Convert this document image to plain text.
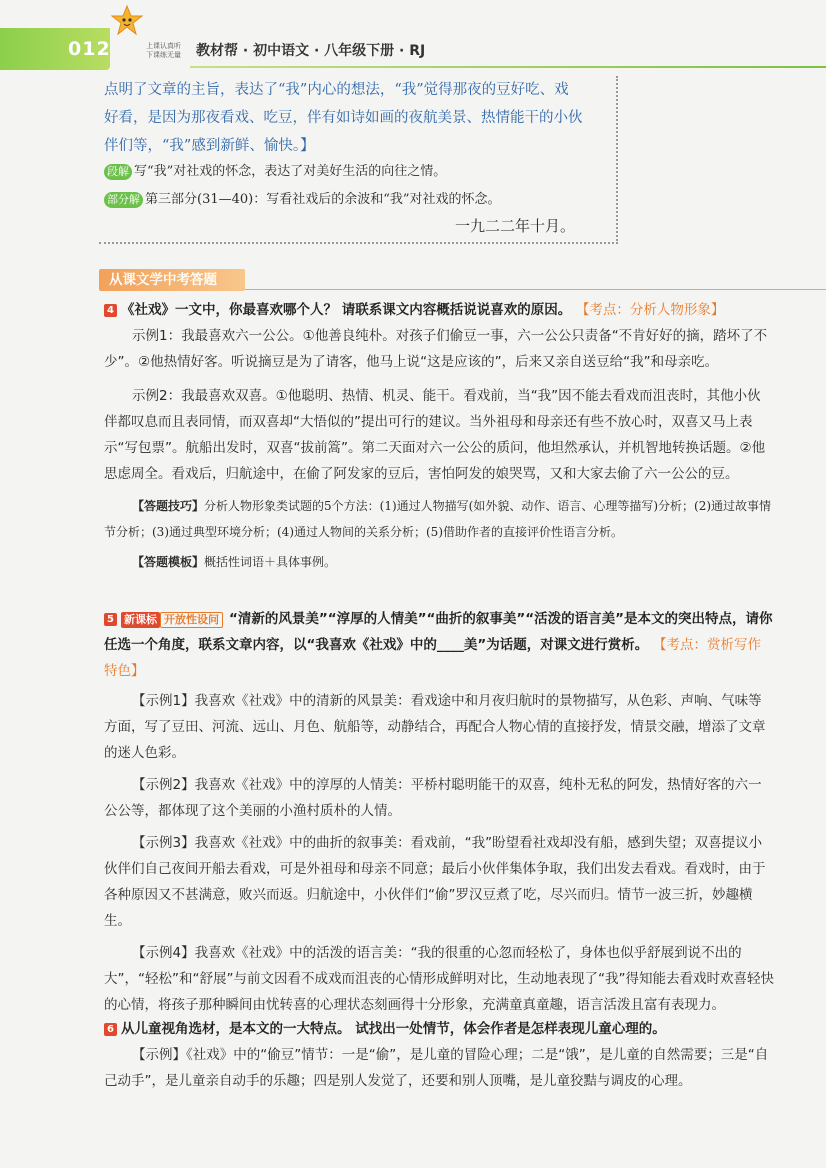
012	上课认真听 下课练无量	教材帮 · 初中语文 · 八年级下册 · RJ
点明了文章的主旨，表达了“我”内心的想法，“我”觉得那夜的豆好吃、戏
好看，是因为那夜看戏、吃豆，伴有如诗如画的夜航美景、热情能干的小伙
伴们等，“我”感到新鲜、愉快。】
段解 写“我”对社戏的怀念，表达了对美好生活的向往之情。
部分解 第三部分(31—40)：写看社戏后的余波和“我”对社戏的怀念。
一九二二年十月。
从课文学中考答题

4 《社戏》一文中，你最喜欢哪个人？ 请联系课文内容概括说说喜欢的原因。 【考点：分析人物形象】

示例1：我最喜欢六一公公。①他善良纯朴。对孩子们偷豆一事，六一公公只责备“不肯好好的摘，踏坏了不少”。②他热情好客。听说摘豆是为了请客，他马上说“这是应该的”，后来又亲自送豆给“我”和母亲吃。

示例2：我最喜欢双喜。①他聪明、热情、机灵、能干。看戏前，当“我”因不能去看戏而沮丧时，其他小伙伴都叹息而且表同情，而双喜却“大悟似的”提出可行的建议。当外祖母和母亲还有些不放心时，双喜又马上表示“写包票”。航船出发时，双喜“拔前篙”。第二天面对六一公公的质问，他坦然承认，并机智地转换话题。②他思虑周全。看戏后，归航途中，在偷了阿发家的豆后，害怕阿发的娘哭骂，又和大家去偷了六一公公的豆。

【答题技巧】分析人物形象类试题的5个方法：(1)通过人物描写(如外貌、动作、语言、心理等描写)分析；(2)通过故事情节分析；(3)通过典型环境分析；(4)通过人物间的关系分析；(5)借助作者的直接评价性语言分析。

【答题模板】概括性词语＋具体事例。

5 新课标 开放性设问 “清新的风景美”“淳厚的人情美”“曲折的叙事美”“活泼的语言美”是本文的突出特点，请你任选一个角度，联系文章内容，以“我喜欢《社戏》中的____美”为话题，对课文进行赏析。 【考点：赏析写作特色】

【示例1】我喜欢《社戏》中的清新的风景美：看戏途中和月夜归航时的景物描写，从色彩、声响、气味等方面，写了豆田、河流、远山、月色、航船等，动静结合，再配合人物心情的直接抒发，情景交融，增添了文章的迷人色彩。

【示例2】我喜欢《社戏》中的淳厚的人情美：平桥村聪明能干的双喜，纯朴无私的阿发，热情好客的六一公公等，都体现了这个美丽的小渔村质朴的人情。

【示例3】我喜欢《社戏》中的曲折的叙事美：看戏前，“我”盼望看社戏却没有船，感到失望；双喜提议小伙伴们自己夜间开船去看戏，可是外祖母和母亲不同意；最后小伙伴集体争取，我们出发去看戏。看戏时，由于各种原因又不甚满意，败兴而返。归航途中，小伙伴们“偷”罗汉豆煮了吃，尽兴而归。情节一波三折，妙趣横生。

【示例4】我喜欢《社戏》中的活泼的语言美：“我的很重的心忽而轻松了，身体也似乎舒展到说不出的大”，“轻松”和“舒展”与前文因看不成戏而沮丧的心情形成鲜明对比，生动地表现了“我”得知能去看戏时欢喜轻快的心情，将孩子那种瞬间由忧转喜的心理状态刻画得十分形象，充满童真童趣，语言活泼且富有表现力。

6 从儿童视角选材，是本文的一大特点。 试找出一处情节，体会作者是怎样表现儿童心理的。

【示例】《社戏》中的“偷豆”情节：一是“偷”，是儿童的冒险心理；二是“饿”，是儿童的自然需要；三是“自己动手”，是儿童亲自动手的乐趣；四是别人发觉了，还要和别人顶嘴，是儿童狡黠与调皮的心理。
